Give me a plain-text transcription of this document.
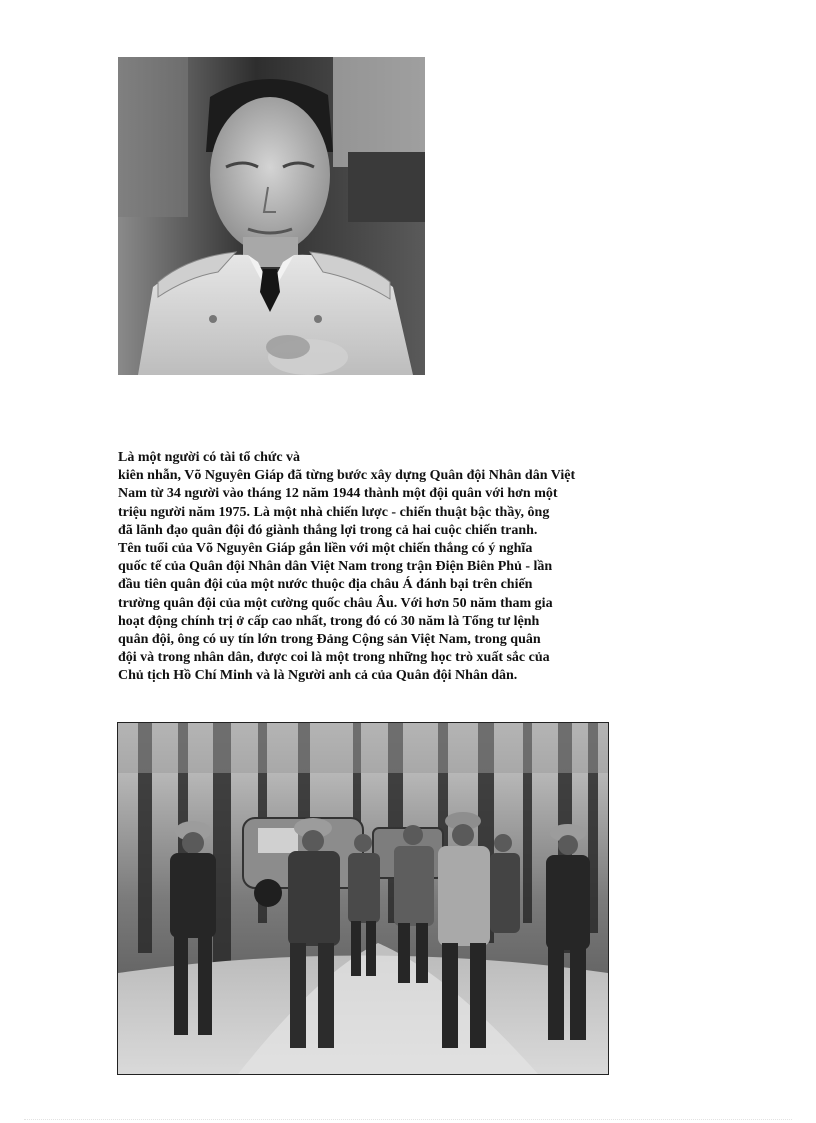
Là một người có tài tổ chức và
kiên nhẫn, Võ Nguyên Giáp đã từng bước xây dựng Quân đội Nhân dân Việt
Nam từ 34 người vào tháng 12 năm 1944 thành một đội quân với hơn một
triệu người năm 1975. Là một nhà chiến lược - chiến thuật bậc thầy, ông
đã lãnh đạo quân đội đó giành thắng lợi trong cả hai cuộc chiến tranh.
Tên tuổi của Võ Nguyên Giáp gắn liền với một chiến thắng có ý nghĩa
quốc tế của Quân đội Nhân dân Việt Nam trong trận Điện Biên Phủ - lần
đầu tiên quân đội của một nước thuộc địa châu Á đánh bại trên chiến
trường quân đội của một cường quốc châu Âu. Với hơn 50 năm tham gia
hoạt động chính trị ở cấp cao nhất, trong đó có 30 năm là Tổng tư lệnh
quân đội, ông có uy tín lớn trong Đảng Cộng sản Việt Nam, trong quân
đội và trong nhân dân, được coi là một trong những học trò xuất sắc của
Chủ tịch Hồ Chí Minh và là Người anh cả của Quân đội Nhân dân.
